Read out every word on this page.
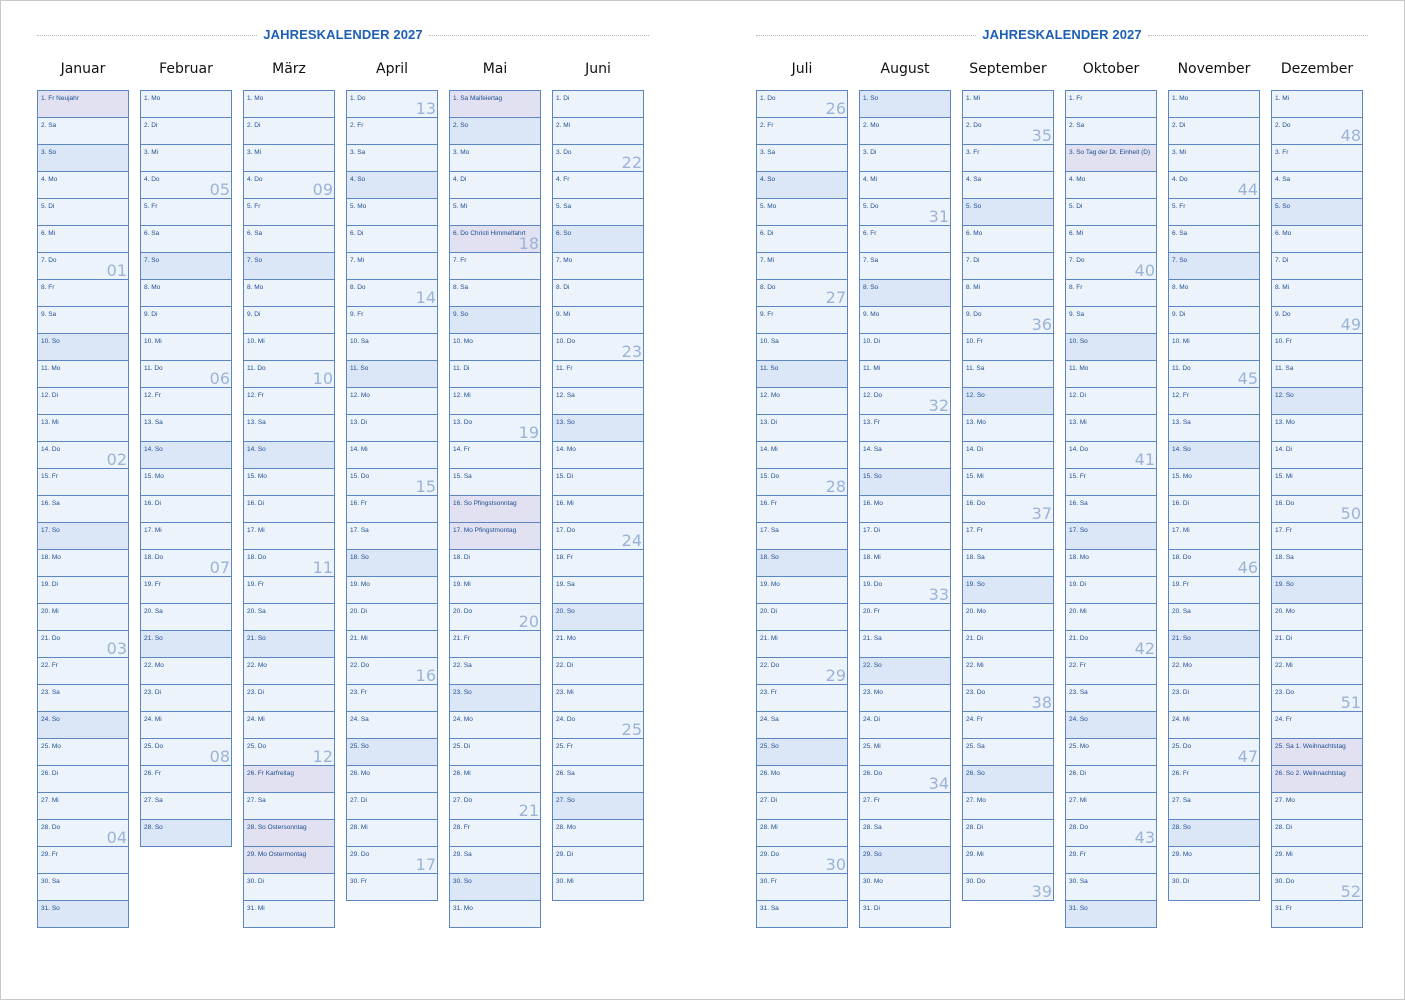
JAHRESKALENDER 2027
Januar
1. Fr Neujahr
2. Sa
3. So
4. Mo
5. Di
6. Mi
7. Do
01
8. Fr
9. Sa
10. So
11. Mo
12. Di
13. Mi
14. Do
02
15. Fr
16. Sa
17. So
18. Mo
19. Di
20. Mi
21. Do
03
22. Fr
23. Sa
24. So
25. Mo
26. Di
27. Mi
28. Do
04
29. Fr
30. Sa
31. So
Februar
1. Mo
2. Di
3. Mi
4. Do
05
5. Fr
6. Sa
7. So
8. Mo
9. Di
10. Mi
11. Do
06
12. Fr
13. Sa
14. So
15. Mo
16. Di
17. Mi
18. Do
07
19. Fr
20. Sa
21. So
22. Mo
23. Di
24. Mi
25. Do
08
26. Fr
27. Sa
28. So
März
1. Mo
2. Di
3. Mi
4. Do
09
5. Fr
6. Sa
7. So
8. Mo
9. Di
10. Mi
11. Do
10
12. Fr
13. Sa
14. So
15. Mo
16. Di
17. Mi
18. Do
11
19. Fr
20. Sa
21. So
22. Mo
23. Di
24. Mi
25. Do
12
26. Fr Karfreitag
27. Sa
28. So Ostersonntag
29. Mo Ostermontag
30. Di
31. Mi
April
1. Do
13
2. Fr
3. Sa
4. So
5. Mo
6. Di
7. Mi
8. Do
14
9. Fr
10. Sa
11. So
12. Mo
13. Di
14. Mi
15. Do
15
16. Fr
17. Sa
18. So
19. Mo
20. Di
21. Mi
22. Do
16
23. Fr
24. Sa
25. So
26. Mo
27. Di
28. Mi
29. Do
17
30. Fr
Mai
1. Sa Maifeiertag
2. So
3. Mo
4. Di
5. Mi
6. Do Christi Himmelfahrt
18
7. Fr
8. Sa
9. So
10. Mo
11. Di
12. Mi
13. Do
19
14. Fr
15. Sa
16. So Pfingstsonntag
17. Mo Pfingstmontag
18. Di
19. Mi
20. Do
20
21. Fr
22. Sa
23. So
24. Mo
25. Di
26. Mi
27. Do
21
28. Fr
29. Sa
30. So
31. Mo
Juni
1. Di
2. Mi
3. Do
22
4. Fr
5. Sa
6. So
7. Mo
8. Di
9. Mi
10. Do
23
11. Fr
12. Sa
13. So
14. Mo
15. Di
16. Mi
17. Do
24
18. Fr
19. Sa
20. So
21. Mo
22. Di
23. Mi
24. Do
25
25. Fr
26. Sa
27. So
28. Mo
29. Di
30. Mi
JAHRESKALENDER 2027
Juli
1. Do
26
2. Fr
3. Sa
4. So
5. Mo
6. Di
7. Mi
8. Do
27
9. Fr
10. Sa
11. So
12. Mo
13. Di
14. Mi
15. Do
28
16. Fr
17. Sa
18. So
19. Mo
20. Di
21. Mi
22. Do
29
23. Fr
24. Sa
25. So
26. Mo
27. Di
28. Mi
29. Do
30
30. Fr
31. Sa
August
1. So
2. Mo
3. Di
4. Mi
5. Do
31
6. Fr
7. Sa
8. So
9. Mo
10. Di
11. Mi
12. Do
32
13. Fr
14. Sa
15. So
16. Mo
17. Di
18. Mi
19. Do
33
20. Fr
21. Sa
22. So
23. Mo
24. Di
25. Mi
26. Do
34
27. Fr
28. Sa
29. So
30. Mo
31. Di
September
1. Mi
2. Do
35
3. Fr
4. Sa
5. So
6. Mo
7. Di
8. Mi
9. Do
36
10. Fr
11. Sa
12. So
13. Mo
14. Di
15. Mi
16. Do
37
17. Fr
18. Sa
19. So
20. Mo
21. Di
22. Mi
23. Do
38
24. Fr
25. Sa
26. So
27. Mo
28. Di
29. Mi
30. Do
39
Oktober
1. Fr
2. Sa
3. So Tag der Dt. Einheit (D)
4. Mo
5. Di
6. Mi
7. Do
40
8. Fr
9. Sa
10. So
11. Mo
12. Di
13. Mi
14. Do
41
15. Fr
16. Sa
17. So
18. Mo
19. Di
20. Mi
21. Do
42
22. Fr
23. Sa
24. So
25. Mo
26. Di
27. Mi
28. Do
43
29. Fr
30. Sa
31. So
November
1. Mo
2. Di
3. Mi
4. Do
44
5. Fr
6. Sa
7. So
8. Mo
9. Di
10. Mi
11. Do
45
12. Fr
13. Sa
14. So
15. Mo
16. Di
17. Mi
18. Do
46
19. Fr
20. Sa
21. So
22. Mo
23. Di
24. Mi
25. Do
47
26. Fr
27. Sa
28. So
29. Mo
30. Di
Dezember
1. Mi
2. Do
48
3. Fr
4. Sa
5. So
6. Mo
7. Di
8. Mi
9. Do
49
10. Fr
11. Sa
12. So
13. Mo
14. Di
15. Mi
16. Do
50
17. Fr
18. Sa
19. So
20. Mo
21. Di
22. Mi
23. Do
51
24. Fr
25. Sa 1. Weihnachtstag
26. So 2. Weihnachtstag
27. Mo
28. Di
29. Mi
30. Do
52
31. Fr
